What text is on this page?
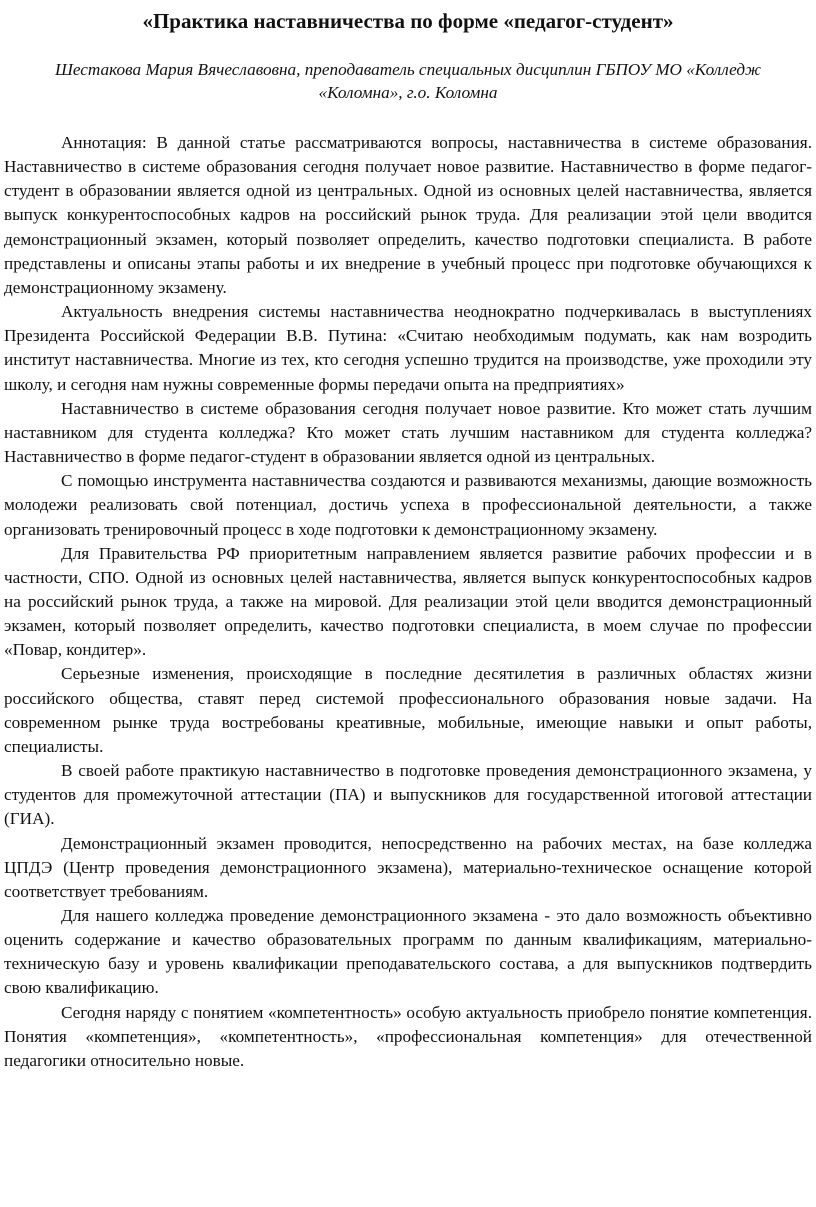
«Практика наставничества по форме «педагог-студент»
Шестакова Мария Вячеславовна, преподаватель специальных дисциплин ГБПОУ МО «Колледж «Коломна», г.о. Коломна

Аннотация: В данной статье рассматриваются вопросы, наставничества в системе образования. Наставничество в системе образования сегодня получает новое развитие. Наставничество в форме педагог-студент в образовании является одной из центральных. Одной из основных целей наставничества, является выпуск конкурентоспособных кадров на российский рынок труда. Для реализации этой цели вводится демонстрационный экзамен, который позволяет определить, качество подготовки специалиста. В работе представлены и описаны этапы работы и их внедрение в учебный процесс при подготовке обучающихся к демонстрационному экзамену.

Актуальность внедрения системы наставничества неоднократно подчеркивалась в выступлениях Президента Российской Федерации В.В. Путина: «Считаю необходимым подумать, как нам возродить институт наставничества. Многие из тех, кто сегодня успешно трудится на производстве, уже проходили эту школу, и сегодня нам нужны современные формы передачи опыта на предприятиях»

Наставничество в системе образования сегодня получает новое развитие. Кто может стать лучшим наставником для студента колледжа? Кто может стать лучшим наставником для студента колледжа? Наставничество в форме педагог-студент в образовании является одной из центральных.

С помощью инструмента наставничества создаются и развиваются механизмы, дающие возможность молодежи реализовать свой потенциал, достичь успеха в профессиональной деятельности, а также организовать тренировочный процесс в ходе подготовки к демонстрационному экзамену.

Для Правительства РФ приоритетным направлением является развитие рабочих профессии и в частности, СПО. Одной из основных целей наставничества, является выпуск конкурентоспособных кадров на российский рынок труда, а также на мировой. Для реализации этой цели вводится демонстрационный экзамен, который позволяет определить, качество подготовки специалиста, в моем случае по профессии «Повар, кондитер».

Серьезные изменения, происходящие в последние десятилетия в различных областях жизни российского общества, ставят перед системой профессионального образования новые задачи. На современном рынке труда востребованы креативные, мобильные, имеющие навыки и опыт работы, специалисты.

В своей работе практикую наставничество в подготовке проведения демонстрационного экзамена, у студентов для промежуточной аттестации (ПА) и выпускников для государственной итоговой аттестации (ГИА).

Демонстрационный экзамен проводится, непосредственно на рабочих местах, на базе колледжа ЦПДЭ (Центр проведения демонстрационного экзамена), материально-техническое оснащение которой соответствует требованиям.

Для нашего колледжа проведение демонстрационного экзамена - это дало возможность объективно оценить содержание и качество образовательных программ по данным квалификациям, материально-техническую базу и уровень квалификации преподавательского состава, а для выпускников подтвердить свою квалификацию.

Сегодня наряду с понятием «компетентность» особую актуальность приобрело понятие компетенция. Понятия «компетенция», «компетентность», «профессиональная компетенция» для отечественной педагогики относительно новые.
